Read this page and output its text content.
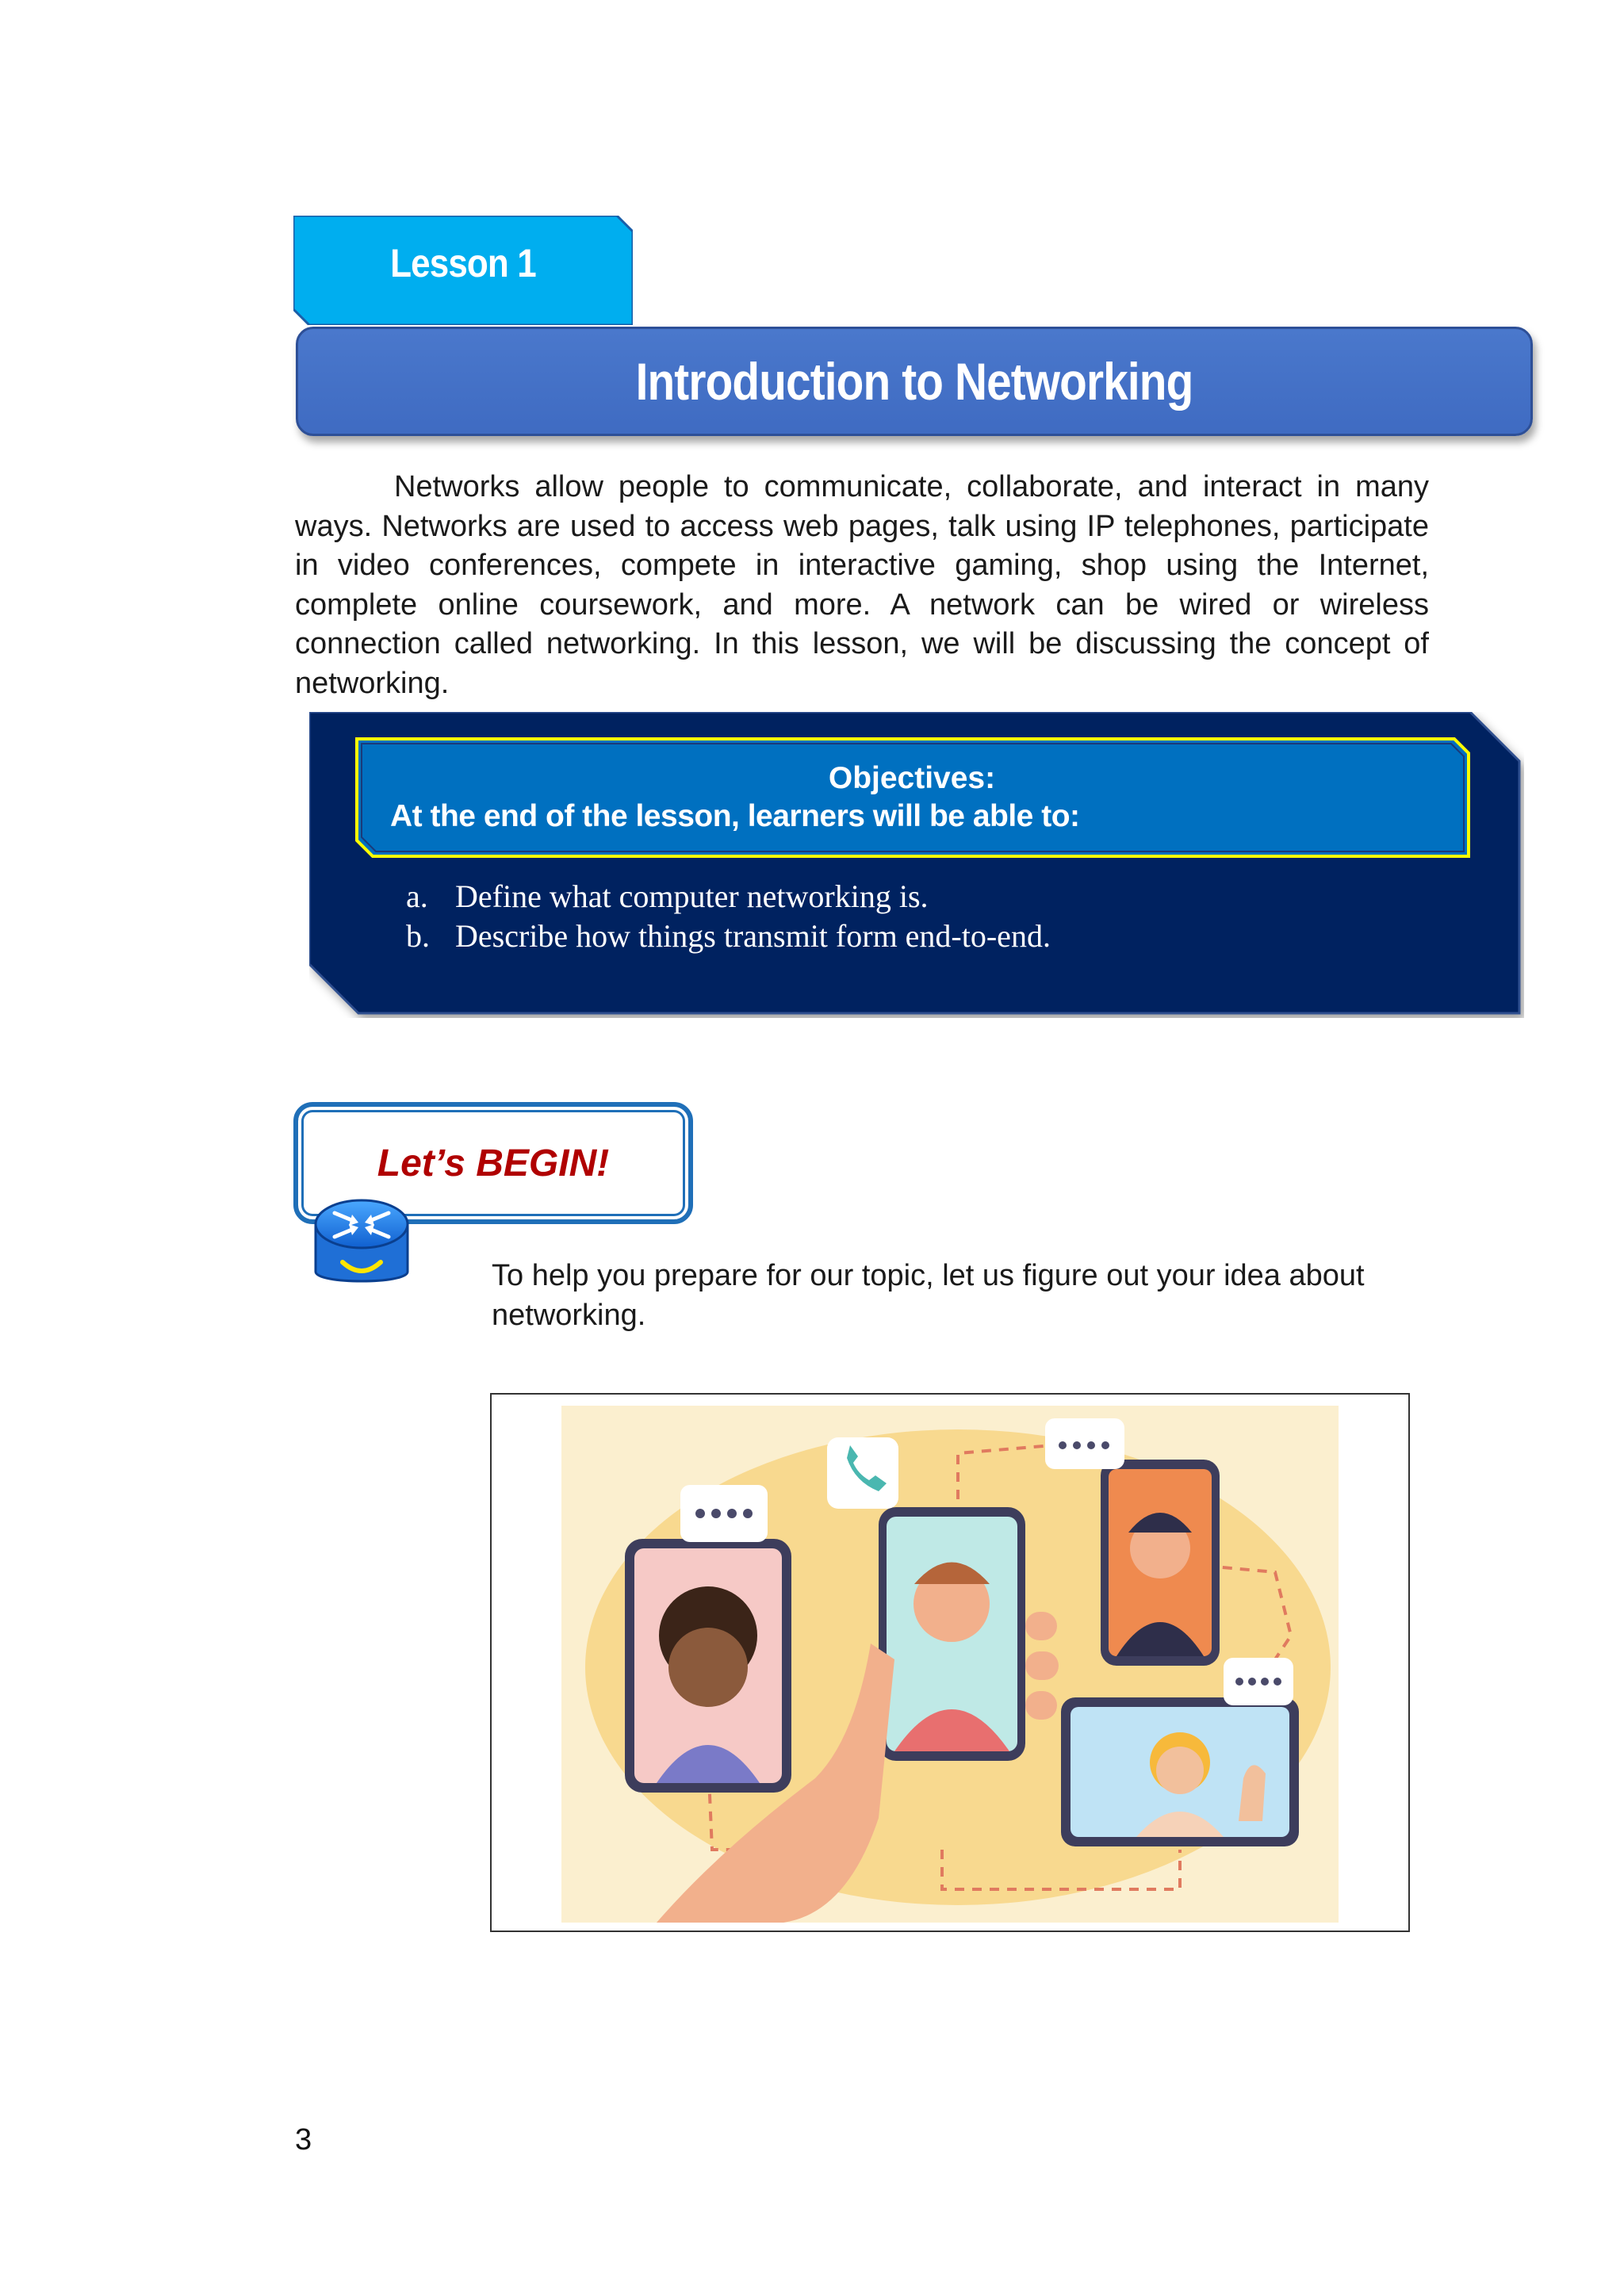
Lesson 1
Introduction to Networking
Networks allow people to communicate, collaborate, and interact in many ways. Networks are used to access web pages, talk using IP telephones, participate in video conferences, compete in interactive gaming, shop using the Internet, complete online coursework, and more. A network can be wired or wireless connection called networking. In this lesson, we will be discussing the concept of networking.
Objectives:
At the end of the lesson, learners will be able to:
a. Define what computer networking is.
b. Describe how things transmit form end-to-end.
Let’s BEGIN!
To help you prepare for our topic, let us figure out your idea about networking.
3
